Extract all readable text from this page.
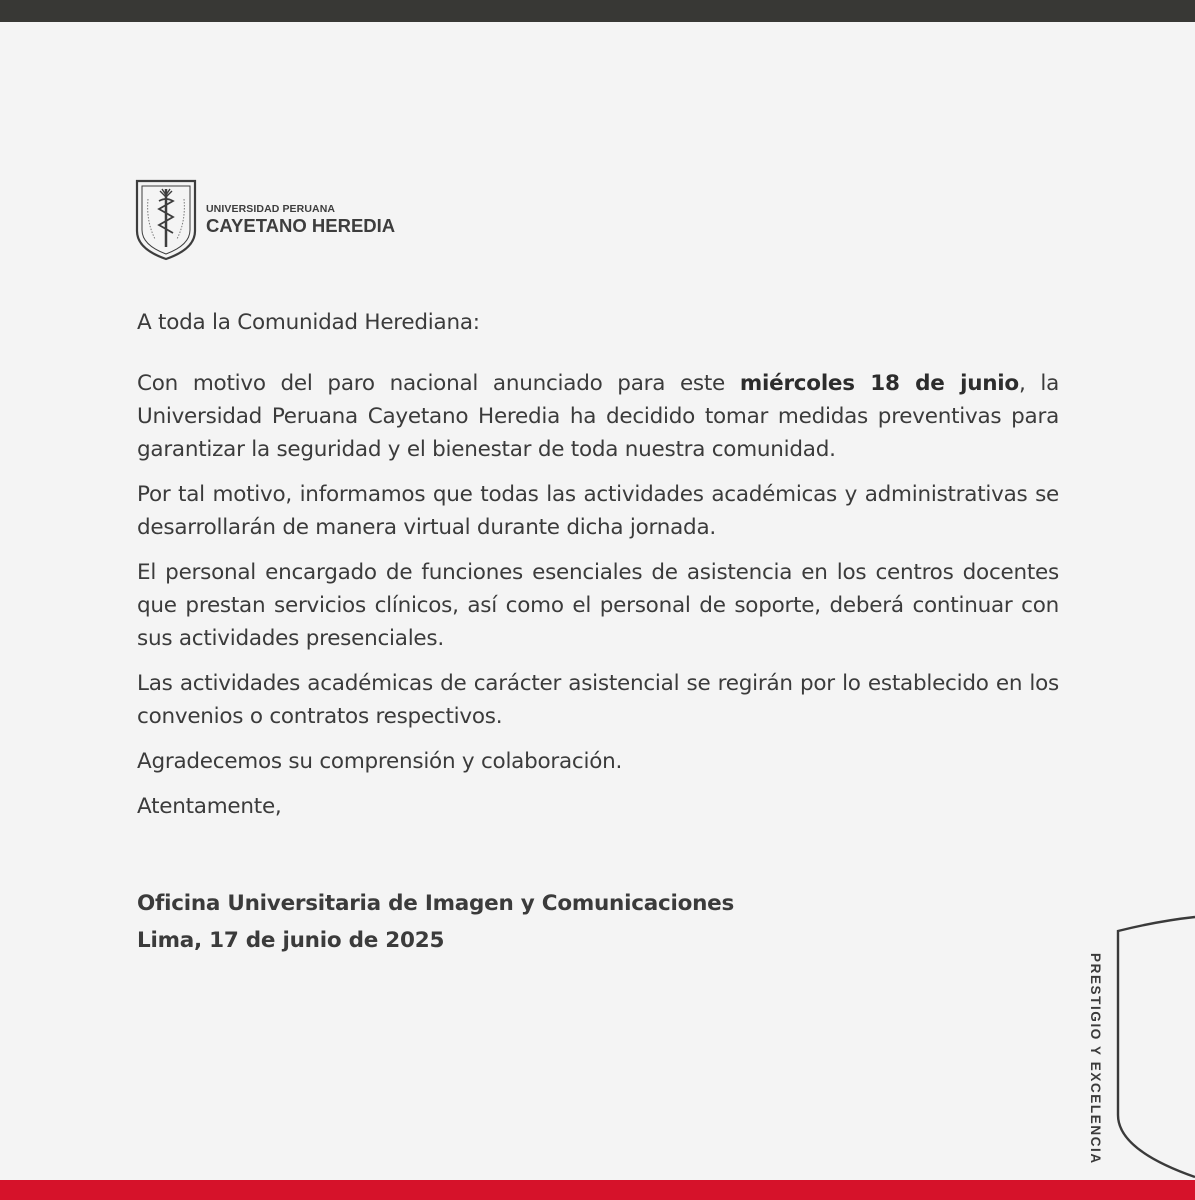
UNIVERSIDAD PERUANA
CAYETANO HEREDIA

A toda la Comunidad Herediana:

Con motivo del paro nacional anunciado para este miércoles 18 de junio, la Universidad Peruana Cayetano Heredia ha decidido tomar medidas preventivas para garantizar la seguridad y el bienestar de toda nuestra comunidad.

Por tal motivo, informamos que todas las actividades académicas y administrativas se desarrollarán de manera virtual durante dicha jornada.

El personal encargado de funciones esenciales de asistencia en los centros docentes que prestan servicios clínicos, así como el personal de soporte, deberá continuar con sus actividades presenciales.

Las actividades académicas de carácter asistencial se regirán por lo establecido en los convenios o contratos respectivos.

Agradecemos su comprensión y colaboración.

Atentamente,

Oficina Universitaria de Imagen y Comunicaciones
Lima, 17 de junio de 2025
PRESTIGIO Y EXCELENCIA
